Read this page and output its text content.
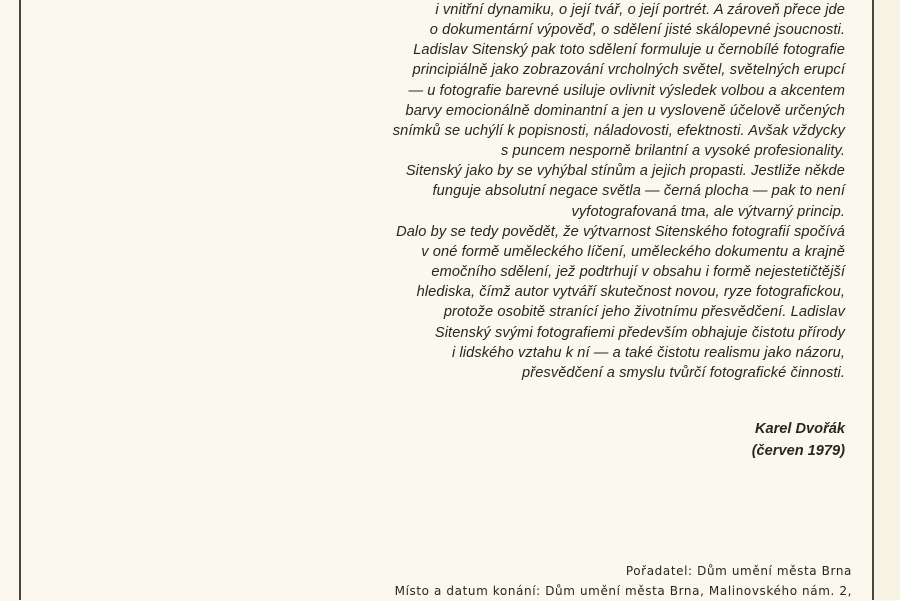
i vnitřní dynamiku, o její tvář, o její portrét. A zároveň přece jde
o dokumentární výpověď, o sdělení jisté skálopevné jsoucnosti.
Ladislav Sitenský pak toto sdělení formuluje u černobílé fotografie
principiálně jako zobrazování vrcholných světel, světelných erupcí
— u fotografie barevné usiluje ovlivnit výsledek volbou a akcentem
barvy emocionálně dominantní a jen u vysloveně účelově určených
snímků se uchýlí k popisnosti, náladovosti, efektnosti. Avšak vždycky
s puncem nesporně brilantní a vysoké profesionality.
Sitenský jako by se vyhýbal stínům a jejich propasti. Jestliže někde
funguje absolutní negace světla — černá plocha — pak to není
vyfotografovaná tma, ale výtvarný princip.
Dalo by se tedy povědět, že výtvarnost Sitenského fotografií spočívá
v oné formě uměleckého líčení, uměleckého dokumentu a krajně
emočního sdělení, jež podtrhují v obsahu i formě nejestetičtější
hlediska, čímž autor vytváří skutečnost novou, ryze fotografickou,
protože osobitě stranící jeho životnímu přesvědčení. Ladislav
Sitenský svými fotografiemi především obhajuje čistotu přírody
i lidského vztahu k ní — a také čistotu realismu jako názoru,
přesvědčení a smyslu tvůrčí fotografické činnosti.
Karel Dvořák
(červen 1979)
Pořadatel: Dům umění města Brna
Místo a datum konání: Dům umění města Brna, Malinovského nám. 2,
